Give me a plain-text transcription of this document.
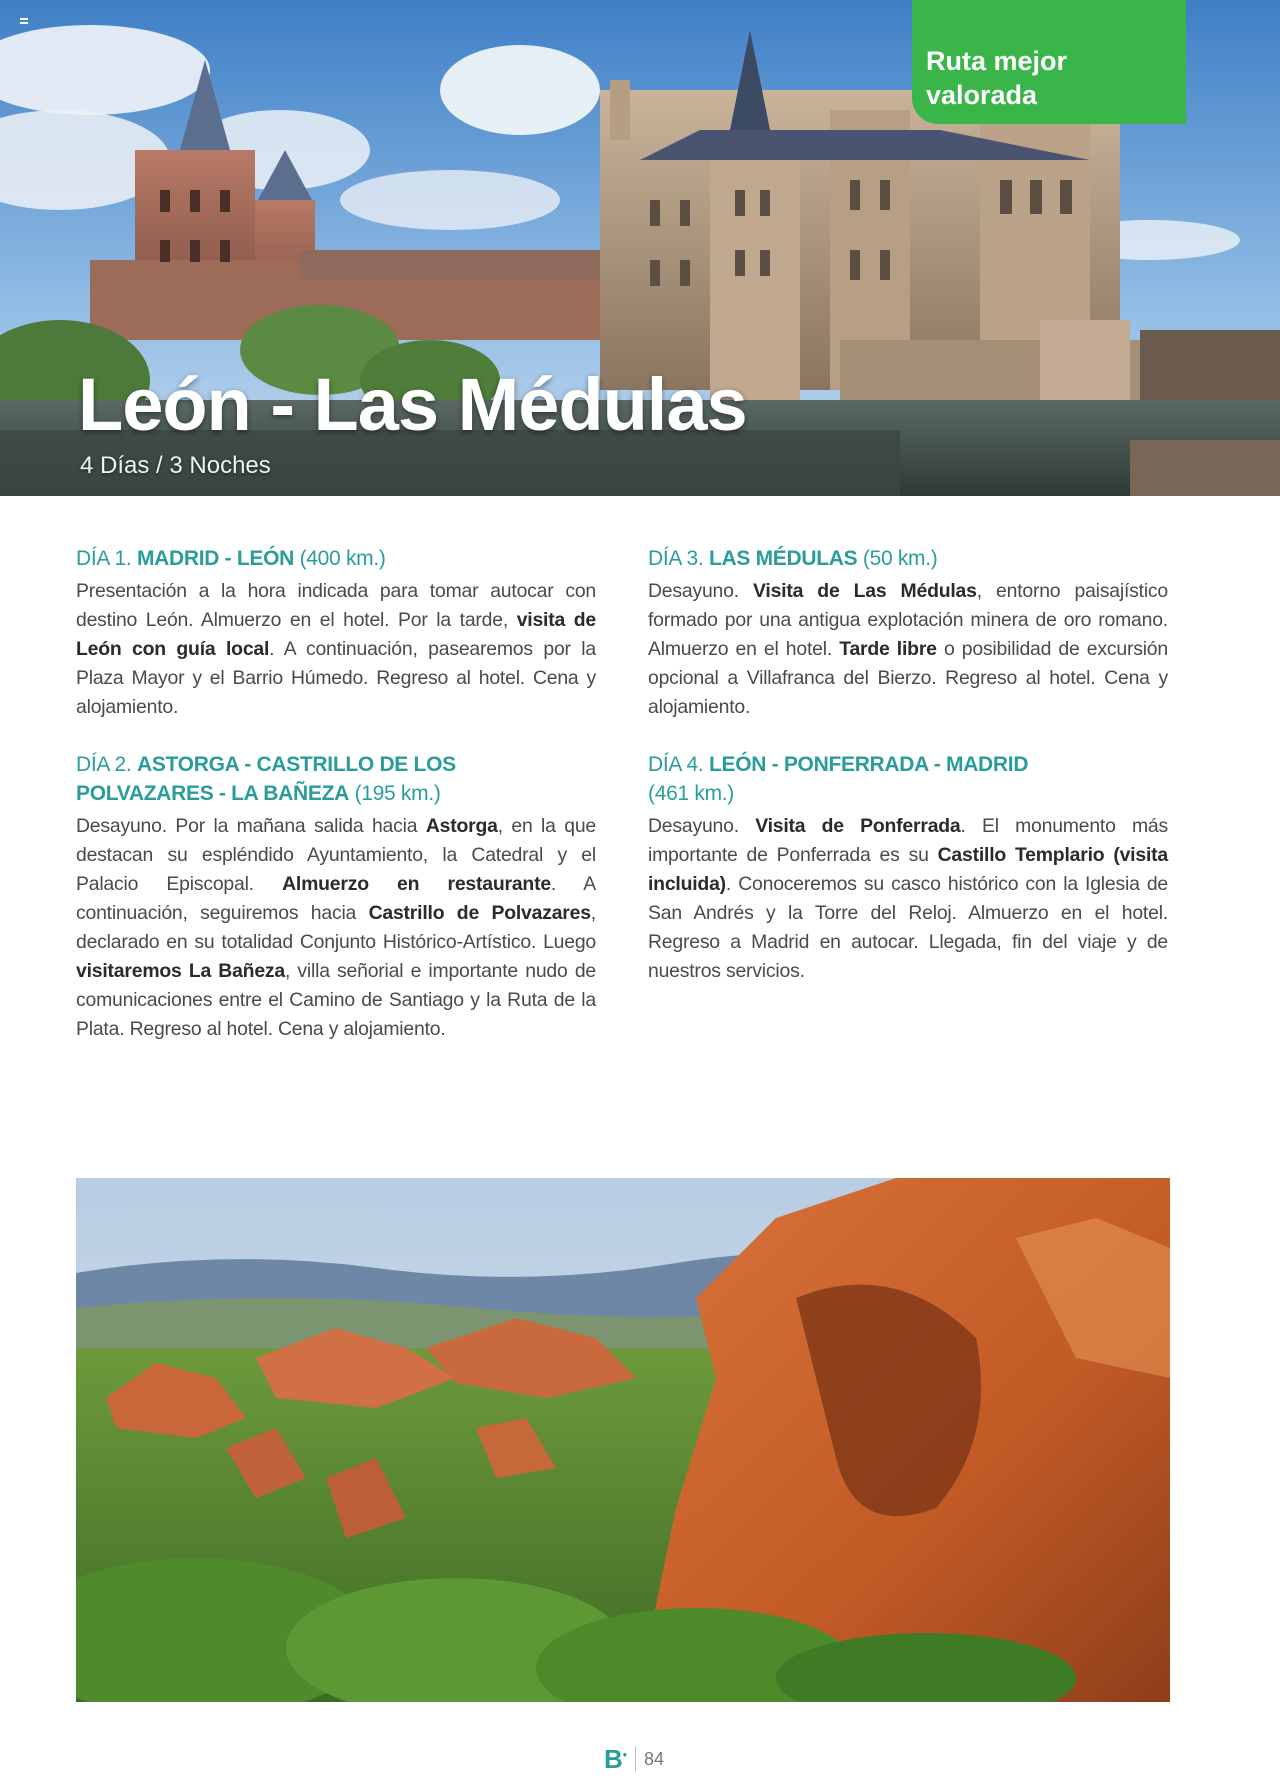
León - Las Médulas
4 Días / 3 Noches
Ruta mejor
valorada
DÍA 1. MADRID - LEÓN (400 km.)

Presentación a la hora indicada para tomar autocar con destino León. Almuerzo en el hotel. Por la tarde, visita de León con guía local. A continuación, pasearemos por la Plaza Mayor y el Barrio Húmedo. Regreso al hotel. Cena y alojamiento.

DÍA 2. ASTORGA - CASTRILLO DE LOS POLVAZARES - LA BAÑEZA (195 km.)

Desayuno. Por la mañana salida hacia Astorga, en la que destacan su espléndido Ayuntamiento, la Catedral y el Palacio Episcopal. Almuerzo en restaurante. A continuación, seguiremos hacia Castrillo de Polvazares, declarado en su totalidad Conjunto Histórico-Artístico. Luego visitaremos La Bañeza, villa señorial e importante nudo de comunicaciones entre el Camino de Santiago y la Ruta de la Plata. Regreso al hotel. Cena y alojamiento.

DÍA 3. LAS MÉDULAS (50 km.)

Desayuno. Visita de Las Médulas, entorno paisajístico formado por una antigua explotación minera de oro romano. Almuerzo en el hotel. Tarde libre o posibilidad de excursión opcional a Villafranca del Bierzo. Regreso al hotel. Cena y alojamiento.

DÍA 4. LEÓN - PONFERRADA - MADRID
(461 km.)

Desayuno. Visita de Ponferrada. El monumento más importante de Ponferrada es su Castillo Templario (visita incluida). Conoceremos su casco histórico con la Iglesia de San Andrés y la Torre del Reloj. Almuerzo en el hotel. Regreso a Madrid en autocar. Llegada, fin del viaje y de nuestros servicios.

B• 84
